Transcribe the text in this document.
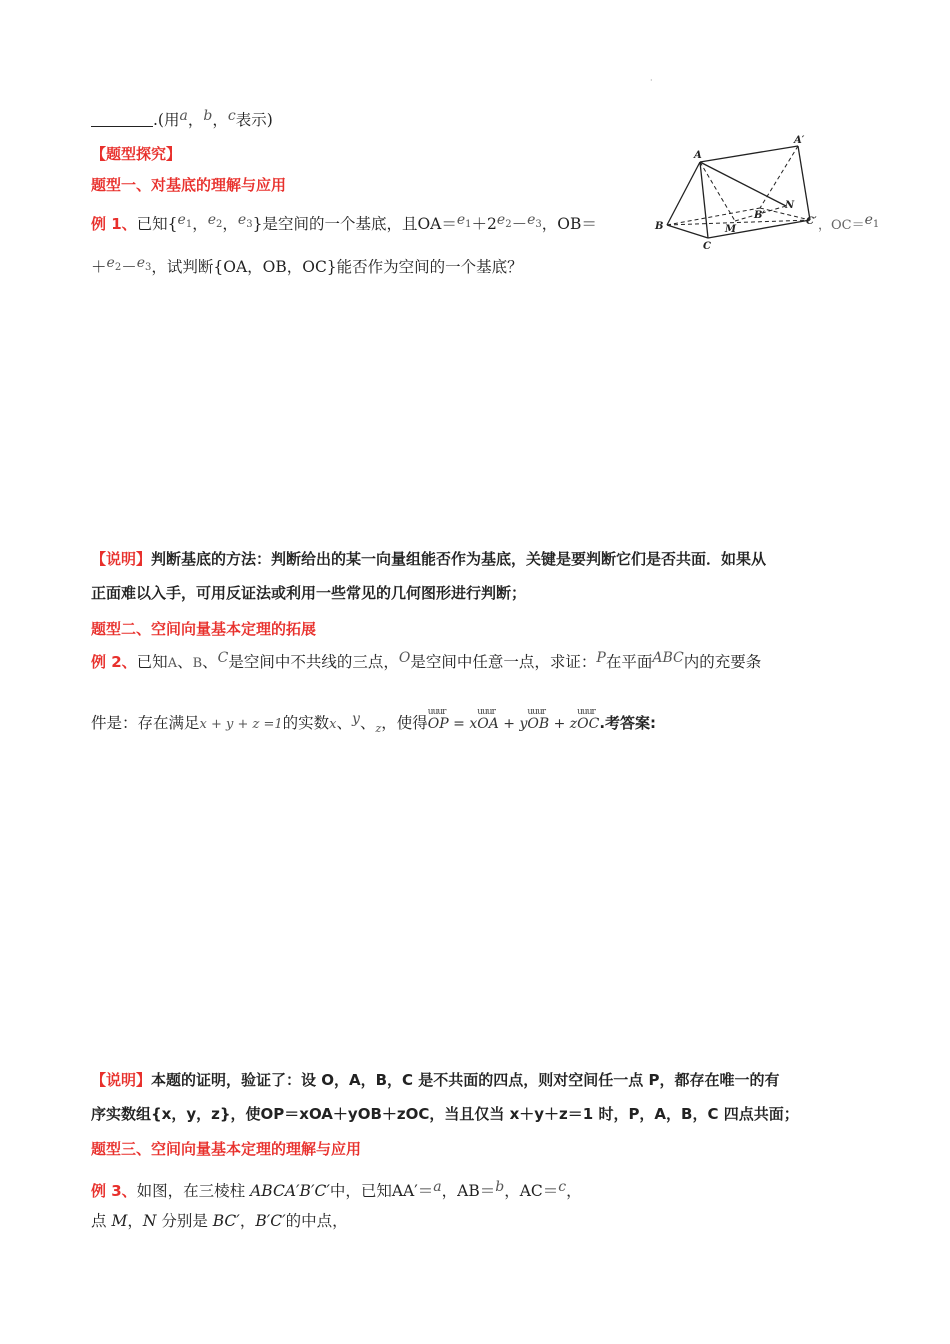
·
.(用a，b，c表示)
【题型探究】
题型一、对基底的理解与应用
例 1、已知{$e_1$，$e_2$，$e_3$}是空间的一个基底，且$OA=e_1+2e_2-e_3$，OB＝	，$OC=e_1$
$+e_2-e_3$，试判断{OA，OB，OC}能否作为空间的一个基底？
A
A′
B
B′
C
C′
M
N
【说明】判断基底的方法：判断给出的某一向量组能否作为基底，关键是要判断它们是否共面．如果从
正面难以入手，可用反证法或利用一些常见的几何图形进行判断；
题型二、空间向量基本定理的拓展
例 2、已知A、B、C是空间中不共线的三点，O是空间中任意一点，求证：P在平面ABC内的充要条
件是：存在满足x + y + z =1的实数x、y、$_z$，使得
uuur
OP = x
uuur
OA + y
uuur
OB + z
uuur
OC.考答案:
【说明】本题的证明，验证了：设 O，A，B，C 是不共面的四点，则对空间任一点 P，都存在唯一的有
序实数组{x，y，z}，使OP＝xOA＋yOB＋zOC，当且仅当 x＋y＋z＝1 时，P，A，B，C 四点共面；
题型三、空间向量基本定理的理解与应用
例 3、如图，在三棱柱 ABCA′B′C′中，已知AA′＝a，AB＝b，AC＝c，
点 M，N 分别是 BC′，B′C′的中点，
